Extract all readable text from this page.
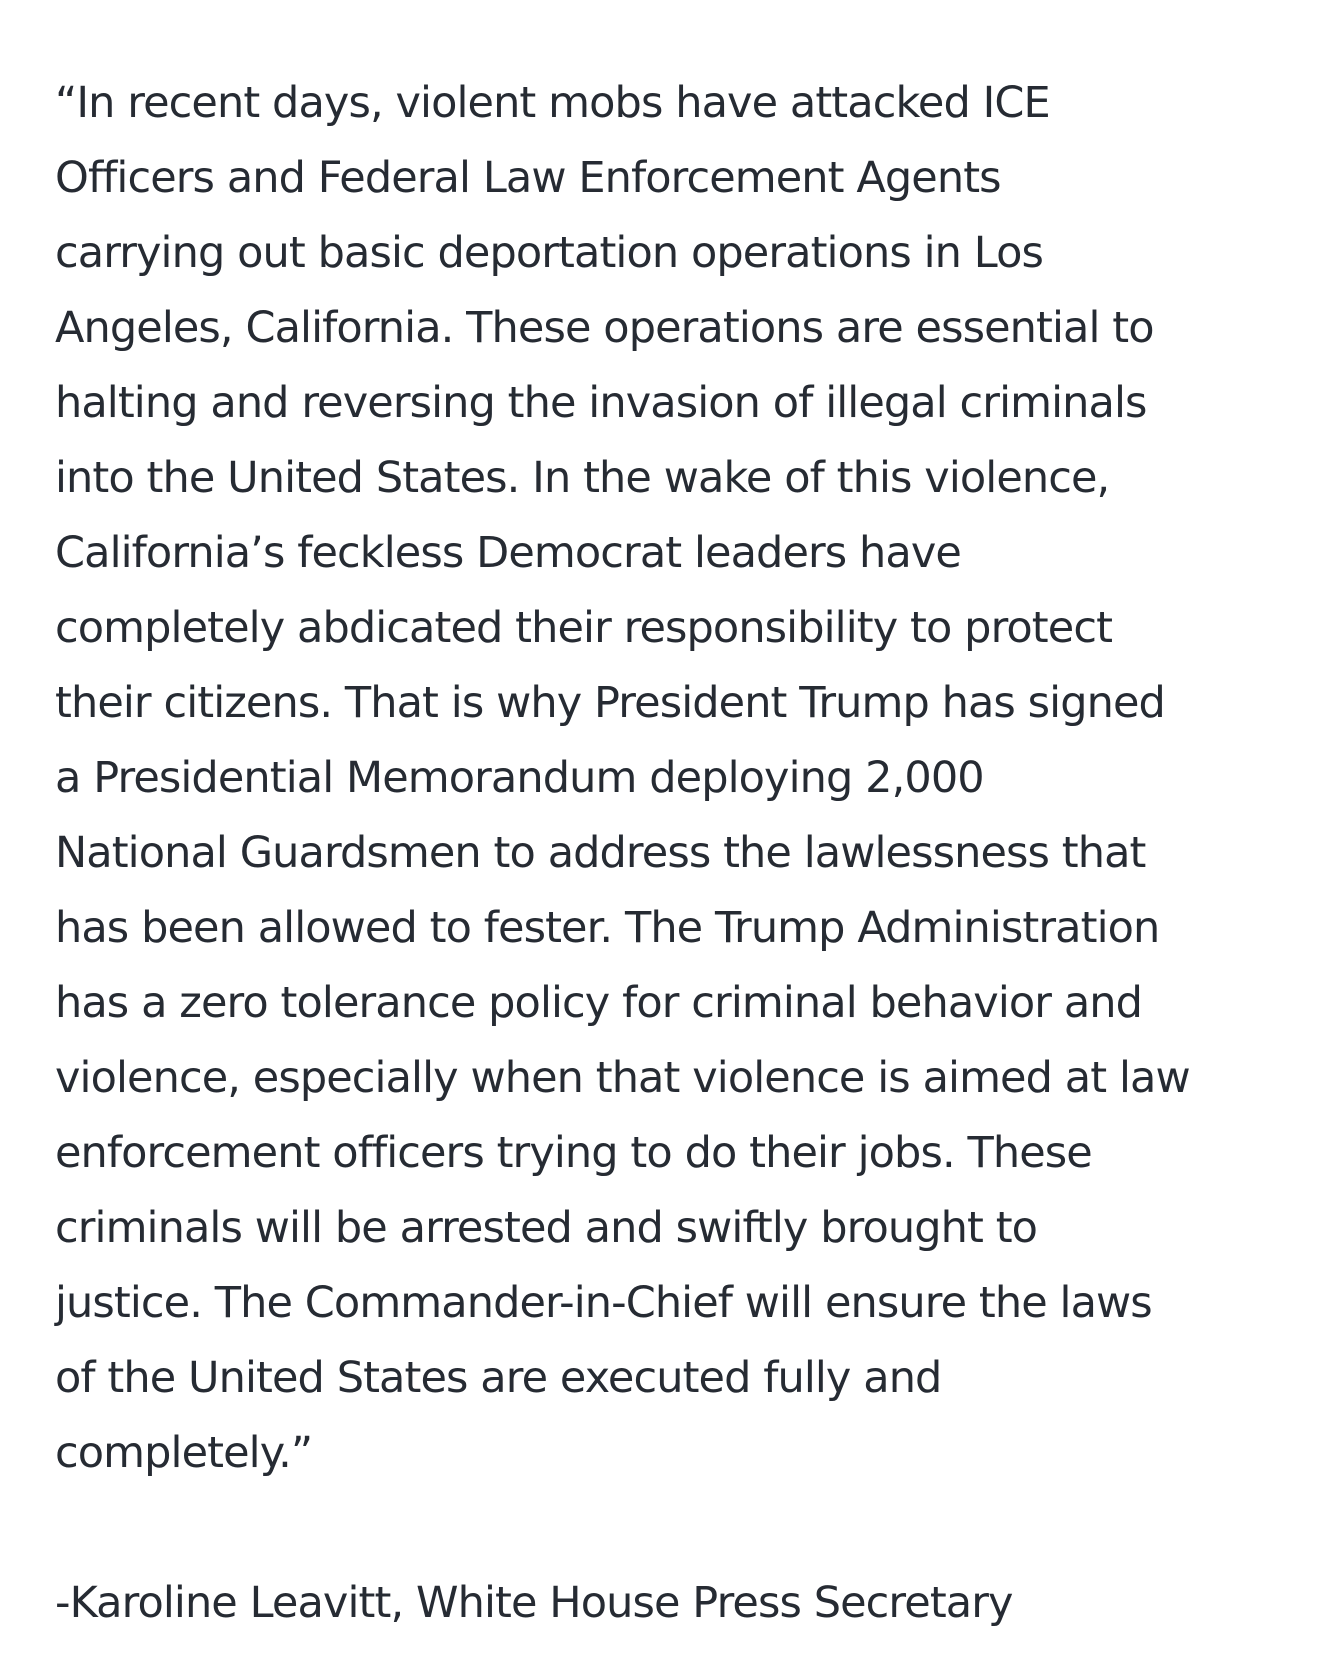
“In recent days, violent mobs have attacked ICE
Officers and Federal Law Enforcement Agents
carrying out basic deportation operations in Los
Angeles, California. These operations are essential to
halting and reversing the invasion of illegal criminals
into the United States. In the wake of this violence,
California’s feckless Democrat leaders have
completely abdicated their responsibility to protect
their citizens. That is why President Trump has signed
a Presidential Memorandum deploying 2,000
National Guardsmen to address the lawlessness that
has been allowed to fester. The Trump Administration
has a zero tolerance policy for criminal behavior and
violence, especially when that violence is aimed at law
enforcement officers trying to do their jobs. These
criminals will be arrested and swiftly brought to
justice. The Commander-in-Chief will ensure the laws
of the United States are executed fully and
completely.”

-Karoline Leavitt, White House Press Secretary
